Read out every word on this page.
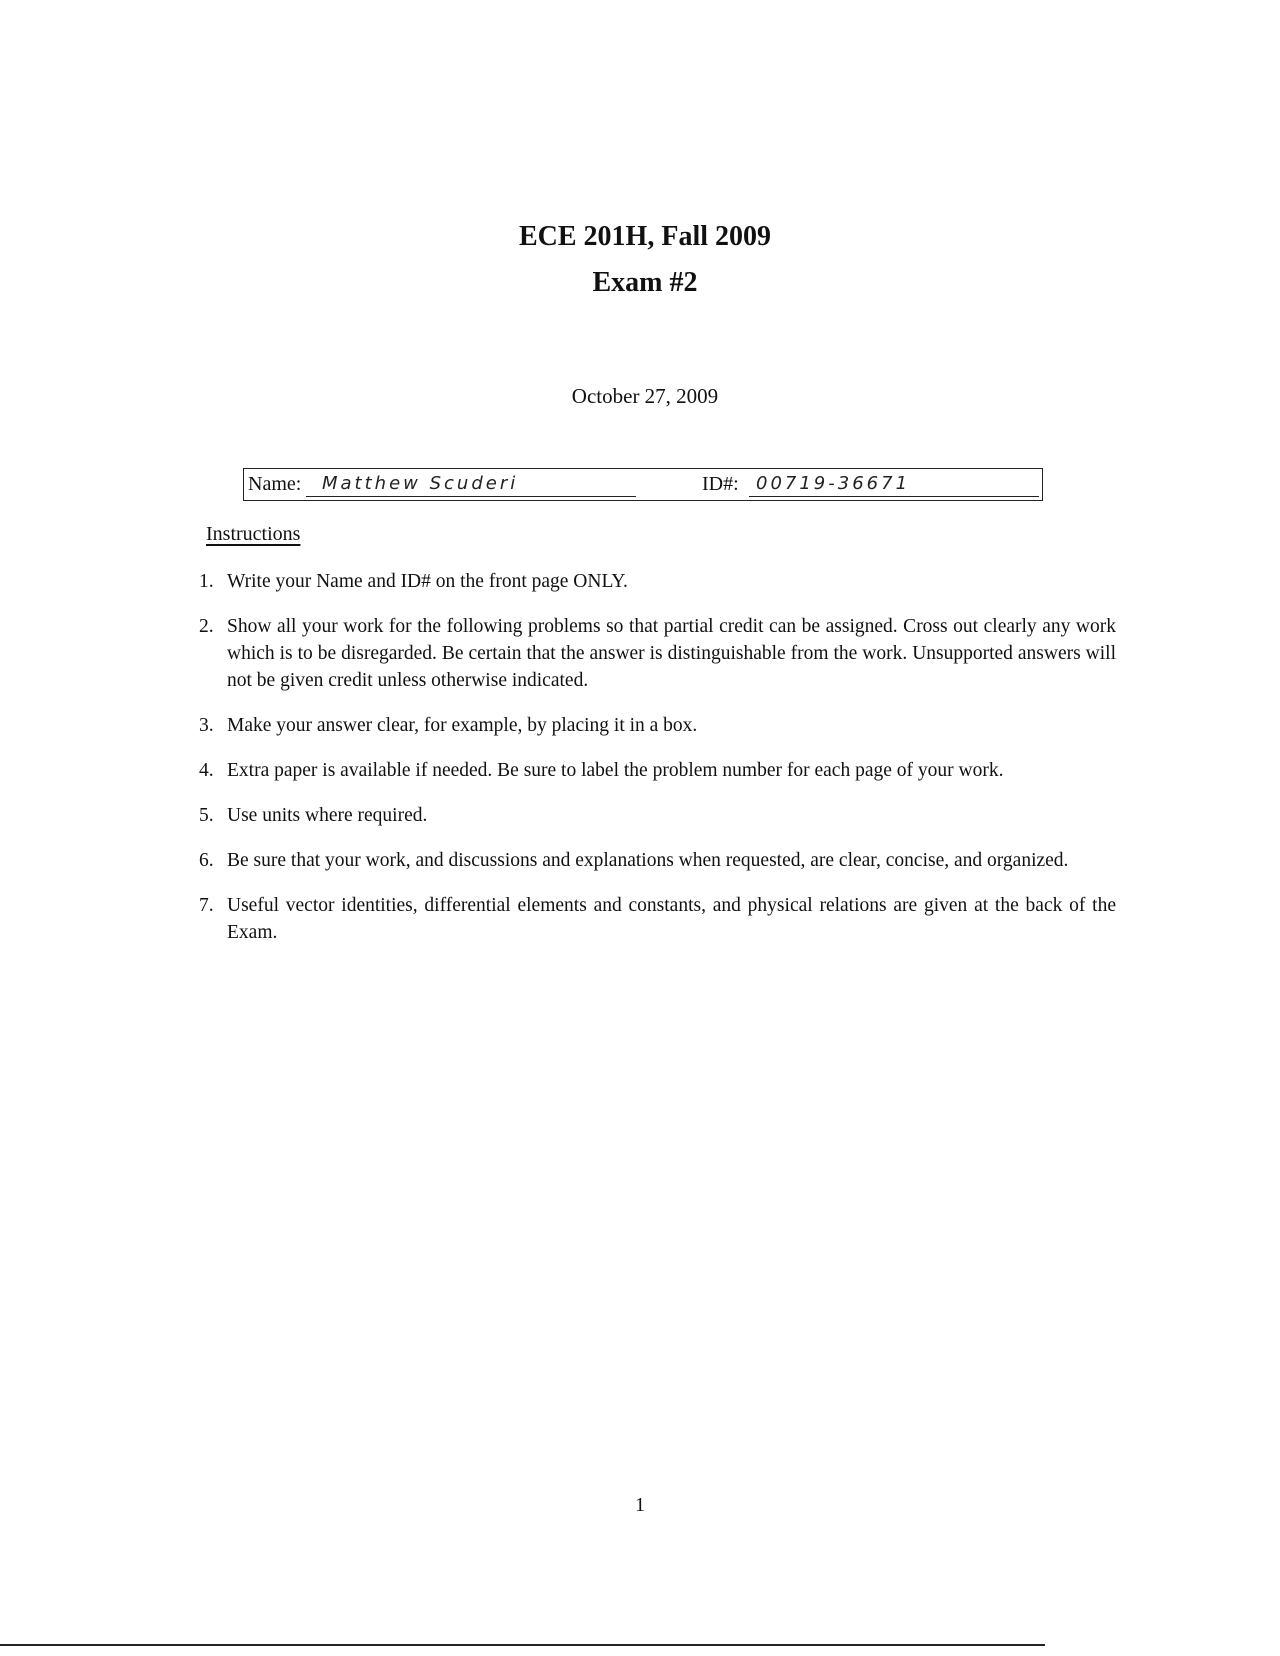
ECE 201H, Fall 2009
Exam #2
October 27, 2009
Name: Matthew Scuderi	ID#: 00719-36671
Instructions
1. Write your Name and ID# on the front page ONLY.
2. Show all your work for the following problems so that partial credit can be assigned. Cross out clearly any work which is to be disregarded. Be certain that the answer is distinguishable from the work. Unsupported answers will not be given credit unless otherwise indicated.
3. Make your answer clear, for example, by placing it in a box.
4. Extra paper is available if needed. Be sure to label the problem number for each page of your work.
5. Use units where required.
6. Be sure that your work, and discussions and explanations when requested, are clear, concise, and organized.
7. Useful vector identities, differential elements and constants, and physical relations are given at the back of the Exam.
1
